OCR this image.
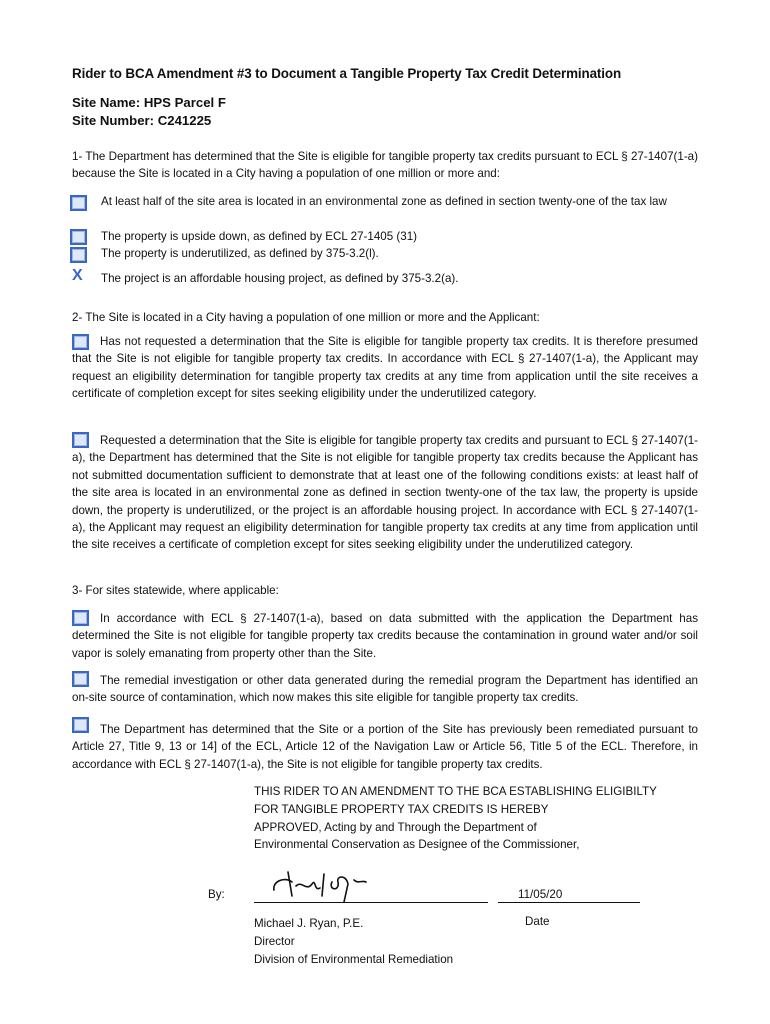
Rider to BCA Amendment #3 to Document a Tangible Property Tax Credit Determination
Site Name: HPS Parcel F
Site Number: C241225
1- The Department has determined that the Site is eligible for tangible property tax credits pursuant to ECL § 27-1407(1-a) because the Site is located in a City having a population of one million or more and:
At least half of the site area is located in an environmental zone as defined in section twenty-one of the tax law
The property is upside down, as defined by ECL 27-1405 (31)
The property is underutilized, as defined by 375-3.2(l).
X The project is an affordable housing project, as defined by 375-3.2(a).
2- The Site is located in a City having a population of one million or more and the Applicant:
Has not requested a determination that the Site is eligible for tangible property tax credits. It is therefore presumed that the Site is not eligible for tangible property tax credits. In accordance with ECL § 27-1407(1-a), the Applicant may request an eligibility determination for tangible property tax credits at any time from application until the site receives a certificate of completion except for sites seeking eligibility under the underutilized category.
Requested a determination that the Site is eligible for tangible property tax credits and pursuant to ECL § 27-1407(1-a), the Department has determined that the Site is not eligible for tangible property tax credits because the Applicant has not submitted documentation sufficient to demonstrate that at least one of the following conditions exists: at least half of the site area is located in an environmental zone as defined in section twenty-one of the tax law, the property is upside down, the property is underutilized, or the project is an affordable housing project. In accordance with ECL § 27-1407(1-a), the Applicant may request an eligibility determination for tangible property tax credits at any time from application until the site receives a certificate of completion except for sites seeking eligibility under the underutilized category.
3- For sites statewide, where applicable:
In accordance with ECL § 27-1407(1-a), based on data submitted with the application the Department has determined the Site is not eligible for tangible property tax credits because the contamination in ground water and/or soil vapor is solely emanating from property other than the Site.
The remedial investigation or other data generated during the remedial program the Department has identified an on-site source of contamination, which now makes this site eligible for tangible property tax credits.
The Department has determined that the Site or a portion of the Site has previously been remediated pursuant to Article 27, Title 9, 13 or 14] of the ECL, Article 12 of the Navigation Law or Article 56, Title 5 of the ECL. Therefore, in accordance with ECL § 27-1407(1-a), the Site is not eligible for tangible property tax credits.
THIS RIDER TO AN AMENDMENT TO THE BCA ESTABLISHING ELIGIBILTY
FOR TANGIBLE PROPERTY TAX CREDITS IS HEREBY
APPROVED, Acting by and Through the Department of
Environmental Conservation as Designee of the Commissioner,
By:	11/05/20
Michael J. Ryan, P.E.
Director
Division of Environmental Remediation
Date
